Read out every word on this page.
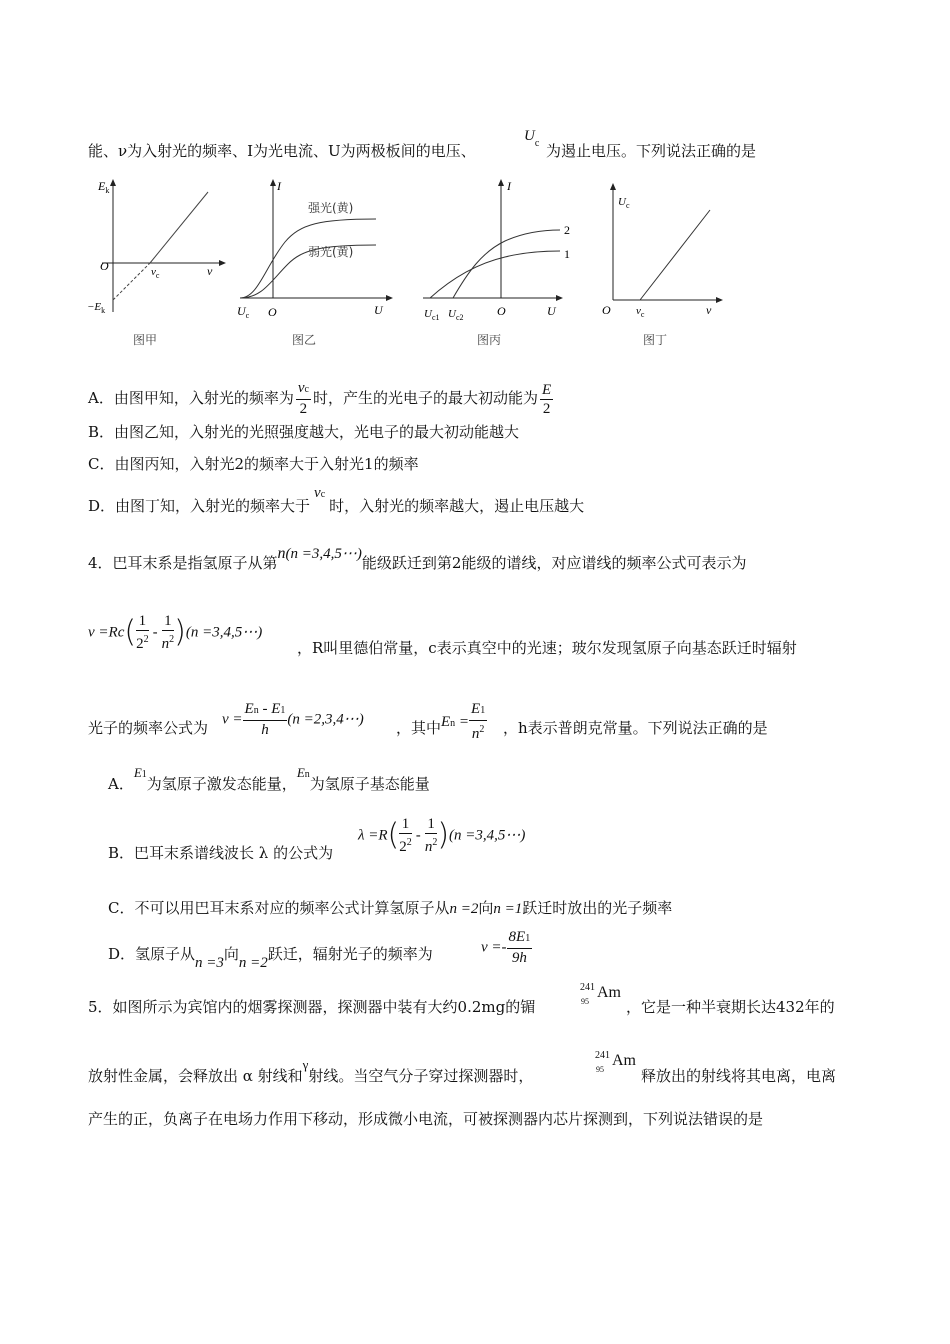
能、ν为入射光的频率、I为光电流、U为两极板间的电压、
$U_c$ 为遏止电压。下列说法正确的是
$E_k$
O	ν
$\nu_c$
$-E_k$
图甲
I
强光(黄)
弱光(黄)
$U_c$ O	U
图乙
I
2
1
$U_{c1}$ $U_{c2}$	O	U
图丙
$U_c$
O $\nu_c$	ν
图丁
A．由图甲知，入射光的频率为 $\frac{\nu c}{2}$ 时，产生的光电子的最大初动能为 $\frac{E}{2}$
B．由图乙知，入射光的光照强度越大，光电子的最大初动能越大
C．由图丙知，入射光2的频率大于入射光1的频率
D．由图丁知，入射光的频率大于νc时，入射光的频率越大，遏止电压越大
4．巴耳末系是指氢原子从第n(n =3,4,5⋯)能级跃迁到第2能级的谱线，对应谱线的频率公式可表示为
$\nu =Rc( \frac{1}{2^2} - \frac{1}{n^2} )(n$ =3,4,5⋯)
，R叫里德伯常量，c表示真空中的光速；玻尔发现氢原子向基态跃迁时辐射
光子的频率公式为 $\nu = \frac{En - E1}{h} (n$ =2,3,4⋯) ，其中 $En = \frac{E1}{n^2}$ ，h表示普朗克常量。下列说法正确的是
A．E1为氢原子激发态能量，En为氢原子基态能量
B．巴耳末系谱线波长 λ 的公式为
$\lambda =R( \frac{1}{2^2} - \frac{1}{n^2} )(n$ =3,4,5⋯)
C．不可以用巴耳末系对应的频率公式计算氢原子从n =2向n =1跃迁时放出的光子频率
D．氢原子从n =3向n =2跃迁，辐射光子的频率为	$\nu =- \frac{8E1}{9h}$
5．如图所示为宾馆内的烟雾探测器，探测器中装有大约0.2mg的镅
241
95
Am
，它是一种半衰期长达432年的
放射性金属，会释放出 α 射线和γ射线。当空气分子穿过探测器时，
241
95
Am
释放出的射线将其电离，电离
产生的正，负离子在电场力作用下移动，形成微小电流，可被探测器内芯片探测到，下列说法错误的是
